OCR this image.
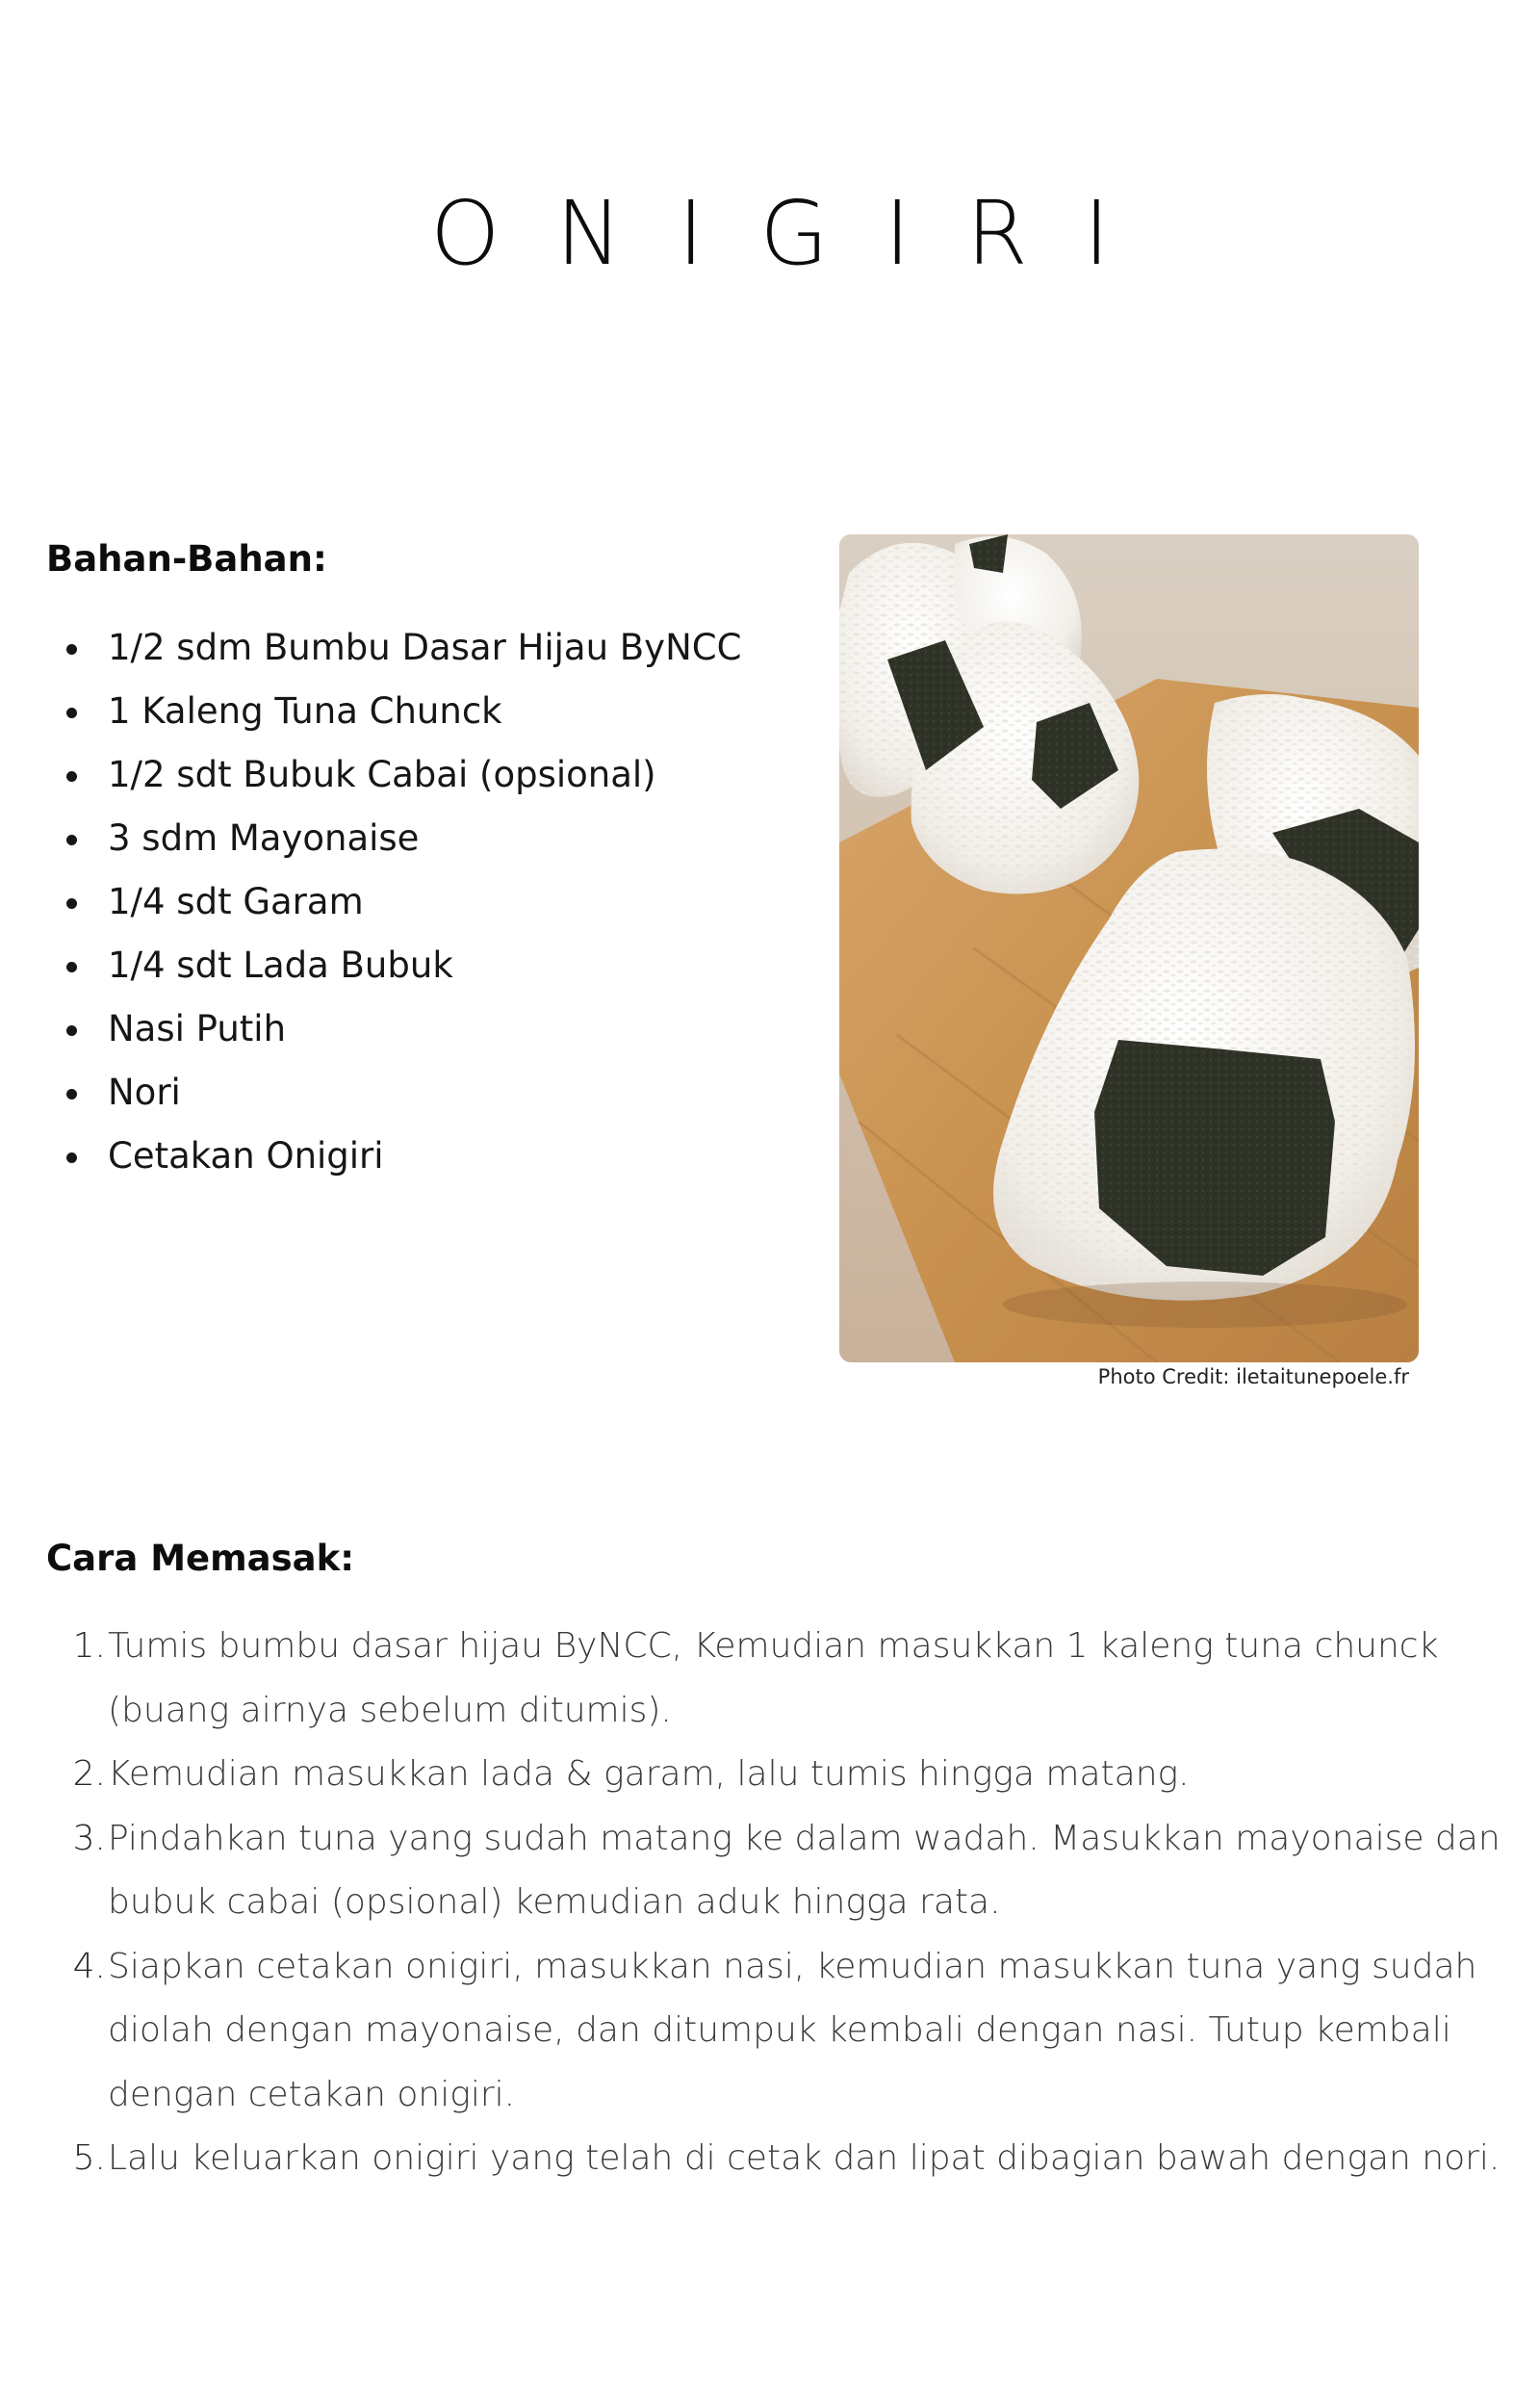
ONIGIRI
Bahan-Bahan:
1/2 sdm Bumbu Dasar Hijau ByNCC
1 Kaleng Tuna Chunck
1/2 sdt Bubuk Cabai (opsional)
3 sdm Mayonaise
1/4 sdt Garam
1/4 sdt Lada Bubuk
Nasi Putih
Nori
Cetakan Onigiri

Photo Credit: iletaitunepoele.fr

Cara Memasak:
1. Tumis bumbu dasar hijau ByNCC, Kemudian masukkan 1 kaleng tuna chunck (buang airnya sebelum ditumis).
2. Kemudian masukkan lada & garam, lalu tumis hingga matang.
3. Pindahkan tuna yang sudah matang ke dalam wadah. Masukkan mayonaise dan bubuk cabai (opsional) kemudian aduk hingga rata.
4. Siapkan cetakan onigiri, masukkan nasi, kemudian masukkan tuna yang sudah diolah dengan mayonaise, dan ditumpuk kembali dengan nasi. Tutup kembali dengan cetakan onigiri.
5. Lalu keluarkan onigiri yang telah di cetak dan lipat dibagian bawah dengan nori.
